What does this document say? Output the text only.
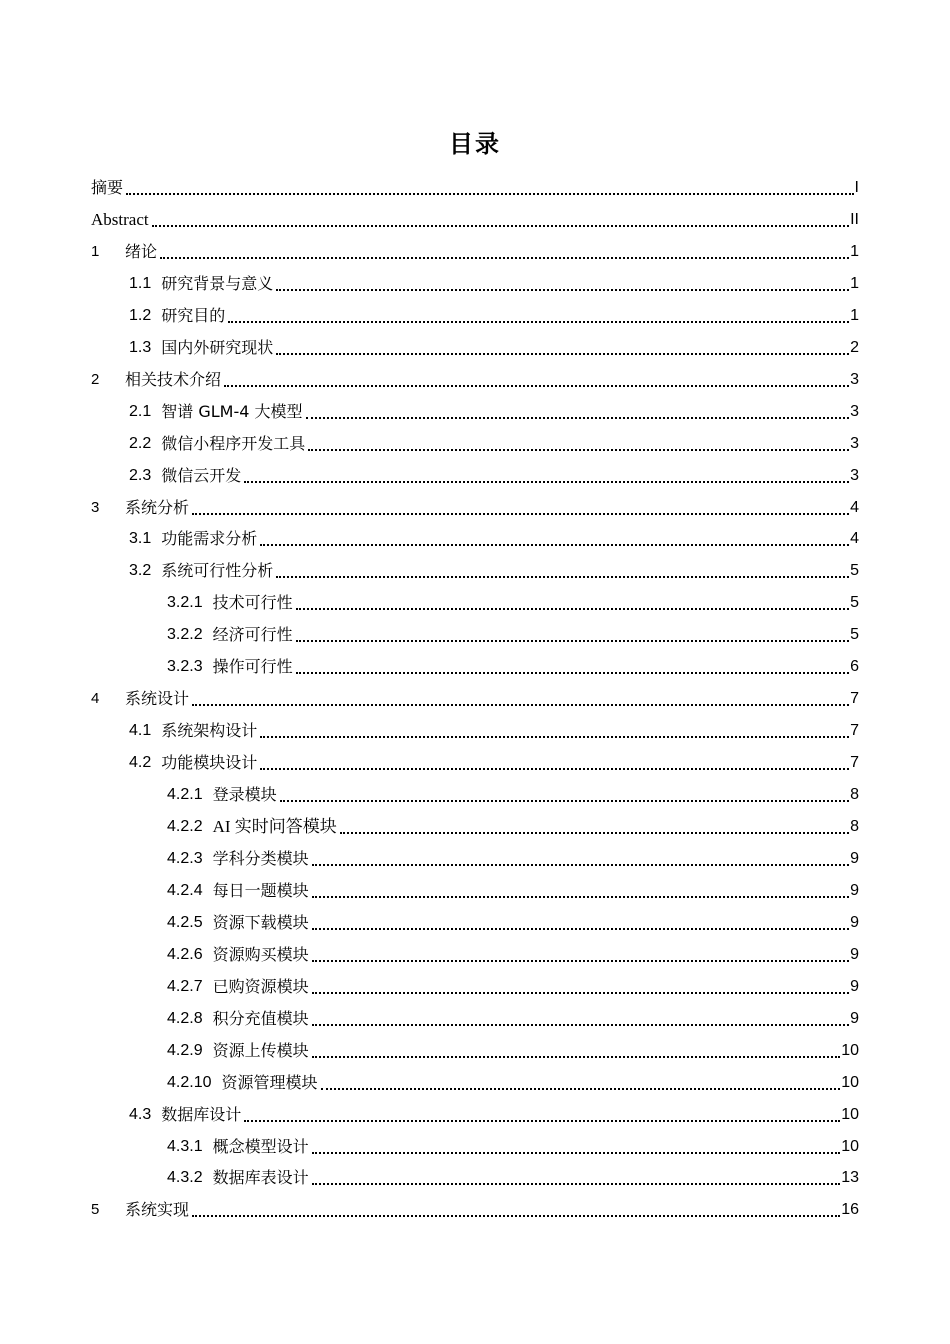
目录
摘要	I
Abstract	II
1	绪论	1
1.1 研究背景与意义	1
1.2 研究目的	1
1.3 国内外研究现状	2
2	相关技术介绍	3
2.1 智谱 GLM-4 大模型	3
2.2 微信小程序开发工具	3
2.3 微信云开发	3
3	系统分析	4
3.1 功能需求分析	4
3.2 系统可行性分析	5
3.2.1 技术可行性	5
3.2.2 经济可行性	5
3.2.3 操作可行性	6
4	系统设计	7
4.1 系统架构设计	7
4.2 功能模块设计	7
4.2.1 登录模块	8
4.2.2 AI 实时问答模块	8
4.2.3 学科分类模块	9
4.2.4 每日一题模块	9
4.2.5 资源下载模块	9
4.2.6 资源购买模块	9
4.2.7 已购资源模块	9
4.2.8 积分充值模块	9
4.2.9 资源上传模块	10
4.2.10 资源管理模块	10
4.3 数据库设计	10
4.3.1 概念模型设计	10
4.3.2 数据库表设计	13
5	系统实现	16
